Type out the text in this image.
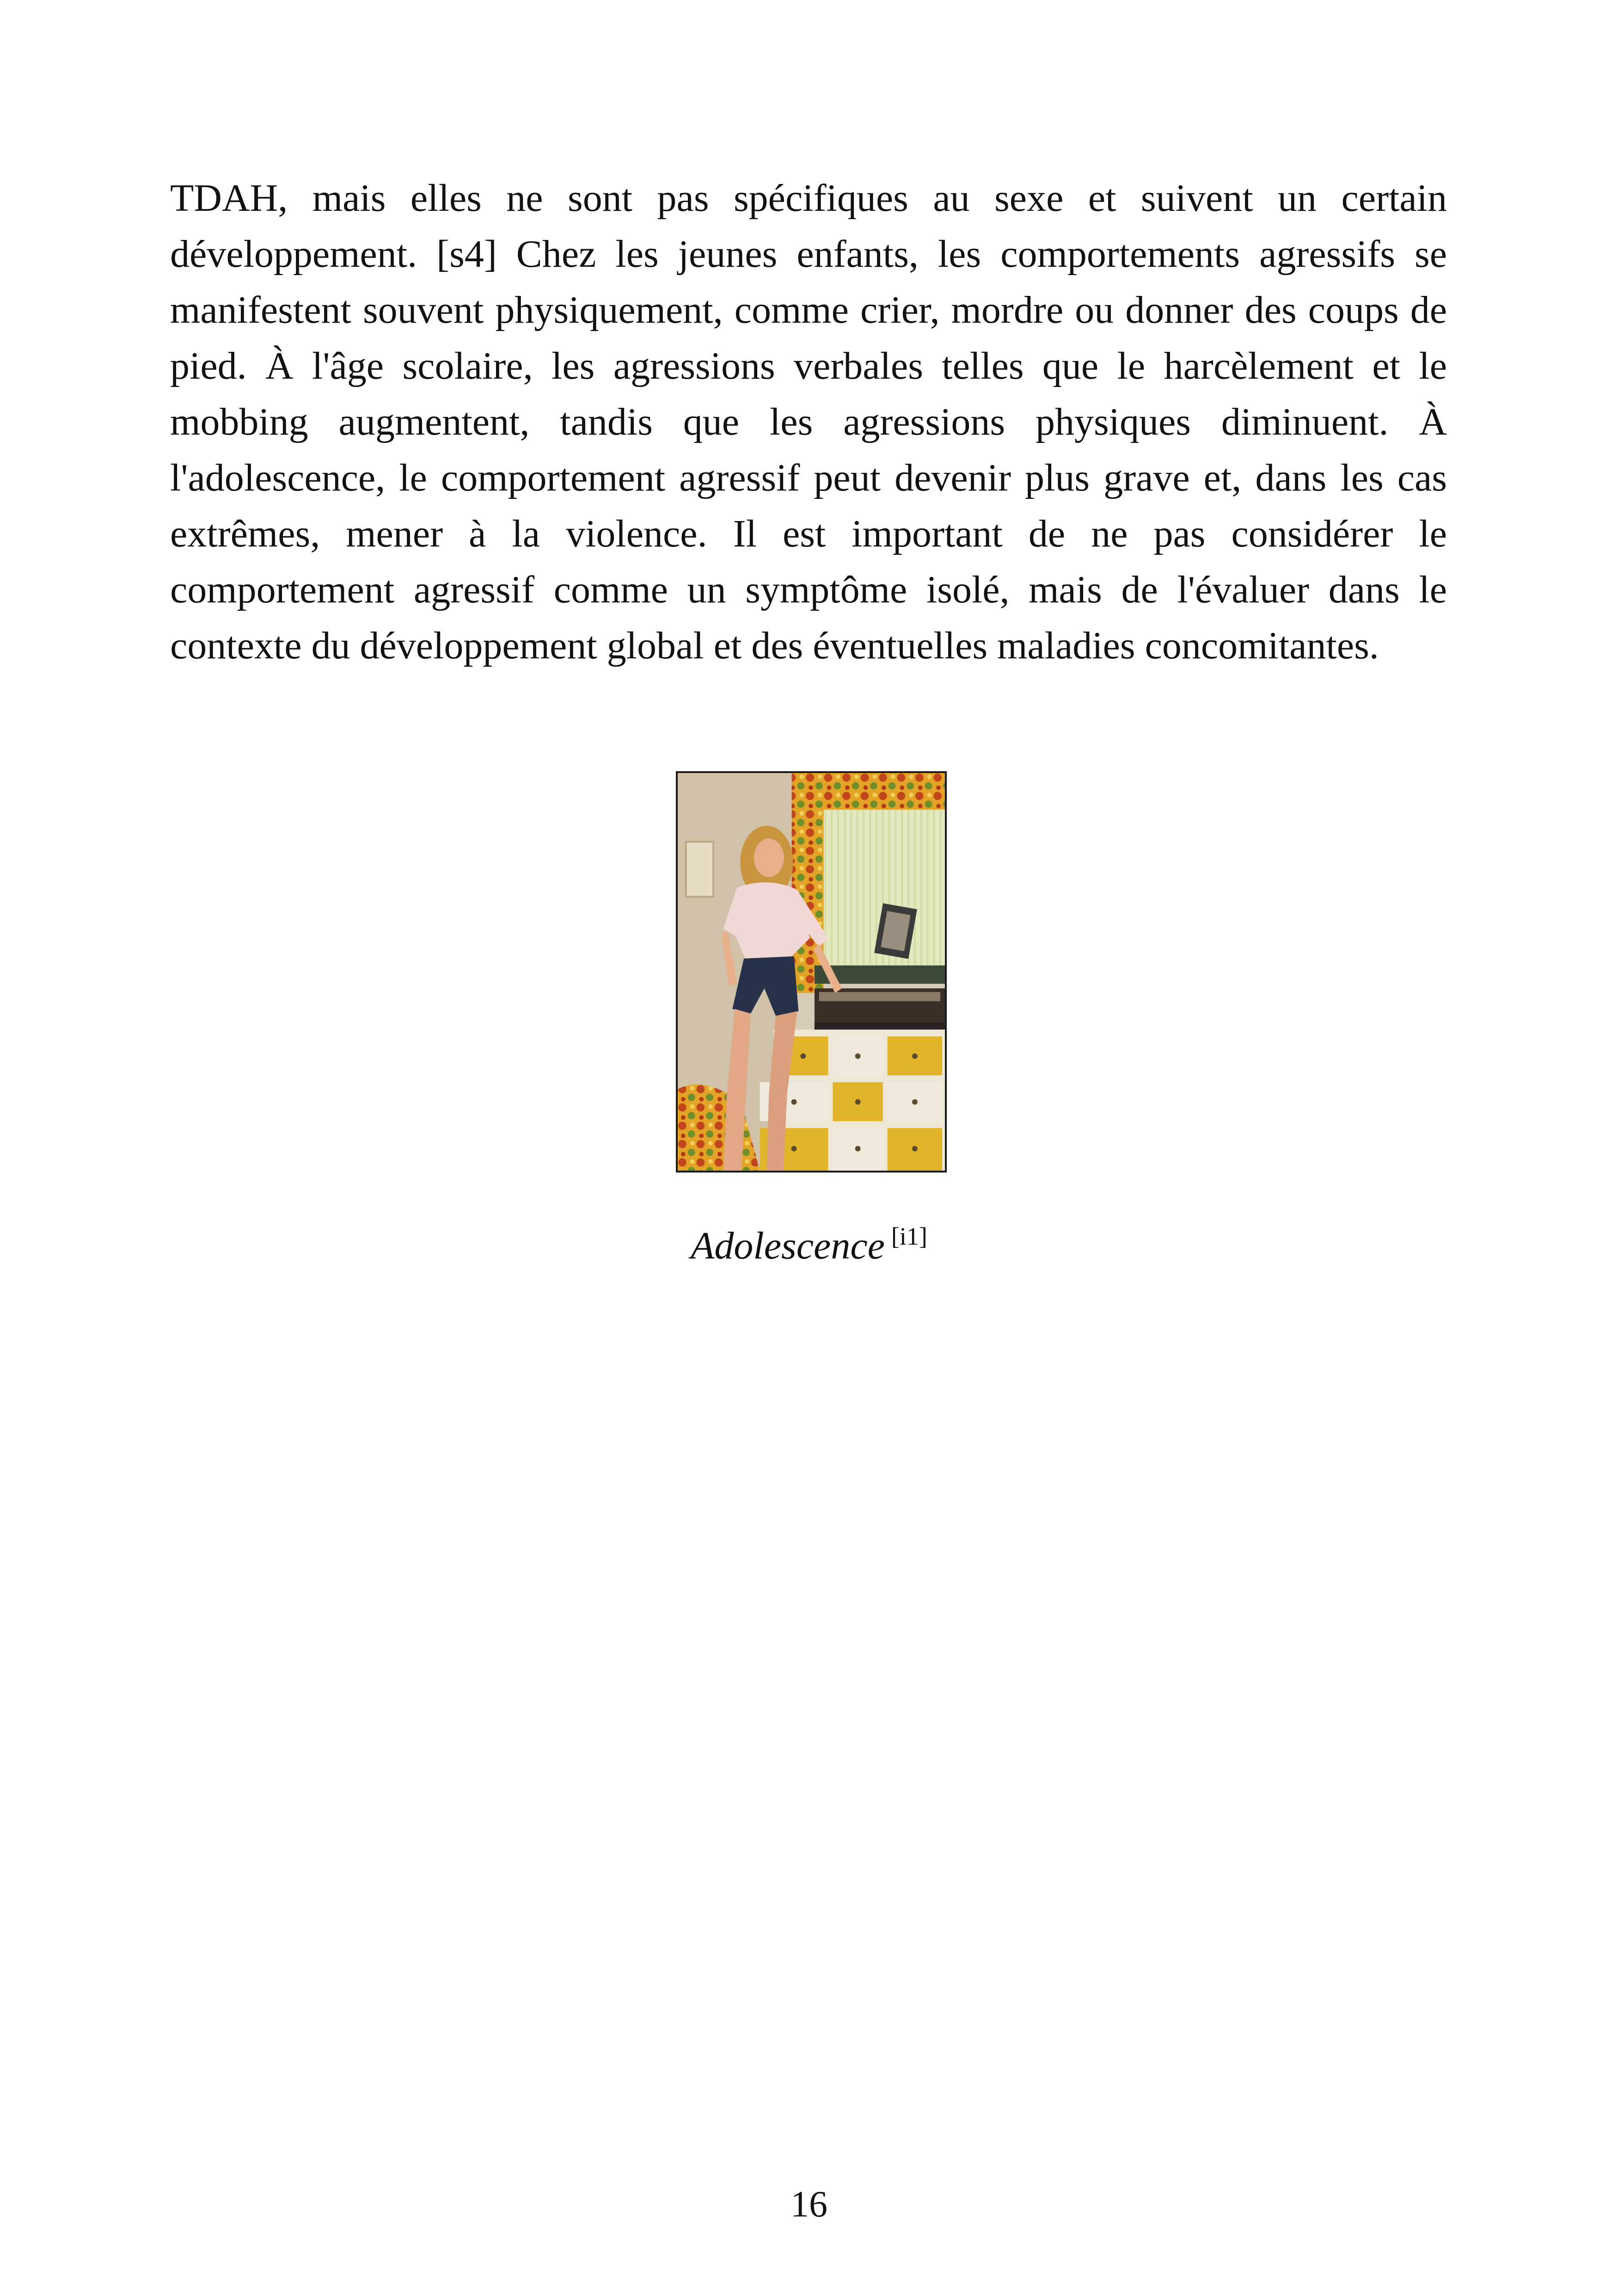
TDAH, mais elles ne sont pas spécifiques au sexe et suivent un certain développement. [s4] Chez les jeunes enfants, les comportements agressifs se manifestent souvent physiquement, comme crier, mordre ou donner des coups de pied. À l'âge scolaire, les agressions verbales telles que le harcèlement et le mobbing augmentent, tandis que les agressions physiques diminuent. À l'adolescence, le comportement agressif peut devenir plus grave et, dans les cas extrêmes, mener à la violence. Il est important de ne pas considérer le comportement agressif comme un symptôme isolé, mais de l'évaluer dans le contexte du développement global et des éventuelles maladies concomitantes.

Adolescence [i1]

16
